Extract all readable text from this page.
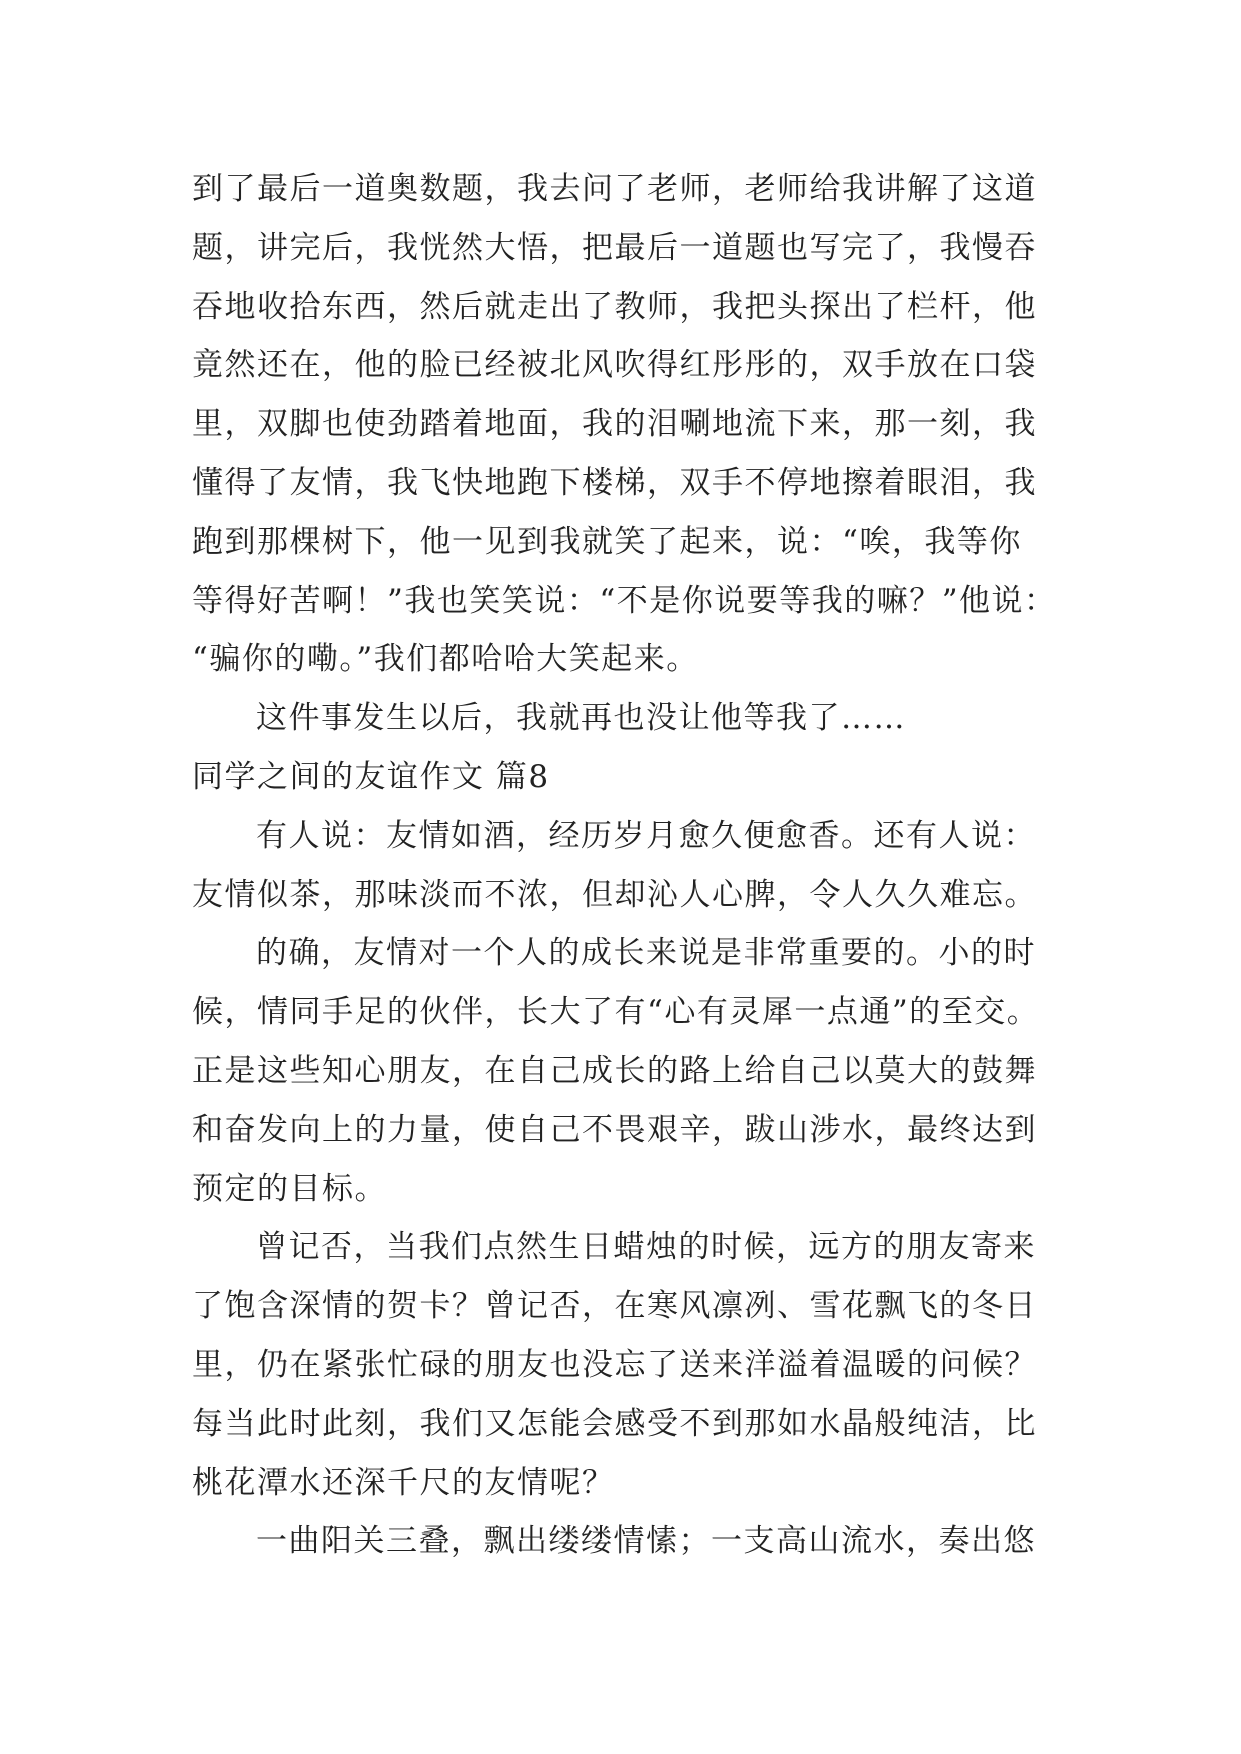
到了最后一道奥数题，我去问了老师，老师给我讲解了这道
题，讲完后，我恍然大悟，把最后一道题也写完了，我慢吞
吞地收拾东西，然后就走出了教师，我把头探出了栏杆，他
竟然还在，他的脸已经被北风吹得红彤彤的，双手放在口袋
里，双脚也使劲踏着地面，我的泪唰地流下来，那一刻，我
懂得了友情，我飞快地跑下楼梯，双手不停地擦着眼泪，我
跑到那棵树下，他一见到我就笑了起来，说：“唉，我等你
等得好苦啊！”我也笑笑说：“不是你说要等我的嘛？”他说：
“骗你的嘞。”我们都哈哈大笑起来。
这件事发生以后，我就再也没让他等我了……
同学之间的友谊作文 篇8
有人说：友情如酒，经历岁月愈久便愈香。还有人说：
友情似茶，那味淡而不浓，但却沁人心脾，令人久久难忘。
的确，友情对一个人的成长来说是非常重要的。小的时
候，情同手足的伙伴，长大了有“心有灵犀一点通”的至交。
正是这些知心朋友，在自己成长的路上给自己以莫大的鼓舞
和奋发向上的力量，使自己不畏艰辛，跋山涉水，最终达到
预定的目标。
曾记否，当我们点然生日蜡烛的时候，远方的朋友寄来
了饱含深情的贺卡？曾记否，在寒风凛冽、雪花飘飞的冬日
里，仍在紧张忙碌的朋友也没忘了送来洋溢着温暖的问候？
每当此时此刻，我们又怎能会感受不到那如水晶般纯洁，比
桃花潭水还深千尺的友情呢？
一曲阳关三叠，飘出缕缕情愫；一支高山流水，奏出悠
